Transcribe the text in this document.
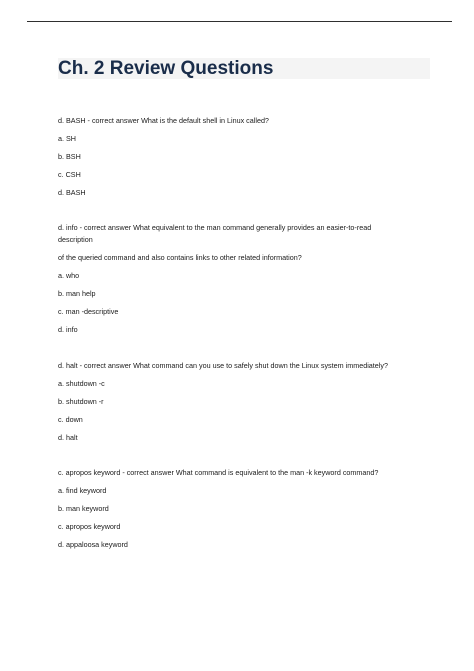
Ch. 2 Review Questions

d. BASH - correct answer What is the default shell in Linux called?

a. SH

b. BSH

c. CSH

d. BASH

d. info - correct answer What equivalent to the man command generally provides an easier-to-read

description

of the queried command and also contains links to other related information?

a. who

b. man help

c. man -descriptive

d. info

d. halt - correct answer What command can you use to safely shut down the Linux system immediately?

a. shutdown -c

b. shutdown -r

c. down

d. halt

c. apropos keyword - correct answer What command is equivalent to the man -k keyword command?

a. find keyword

b. man keyword

c. apropos keyword

d. appaloosa keyword
